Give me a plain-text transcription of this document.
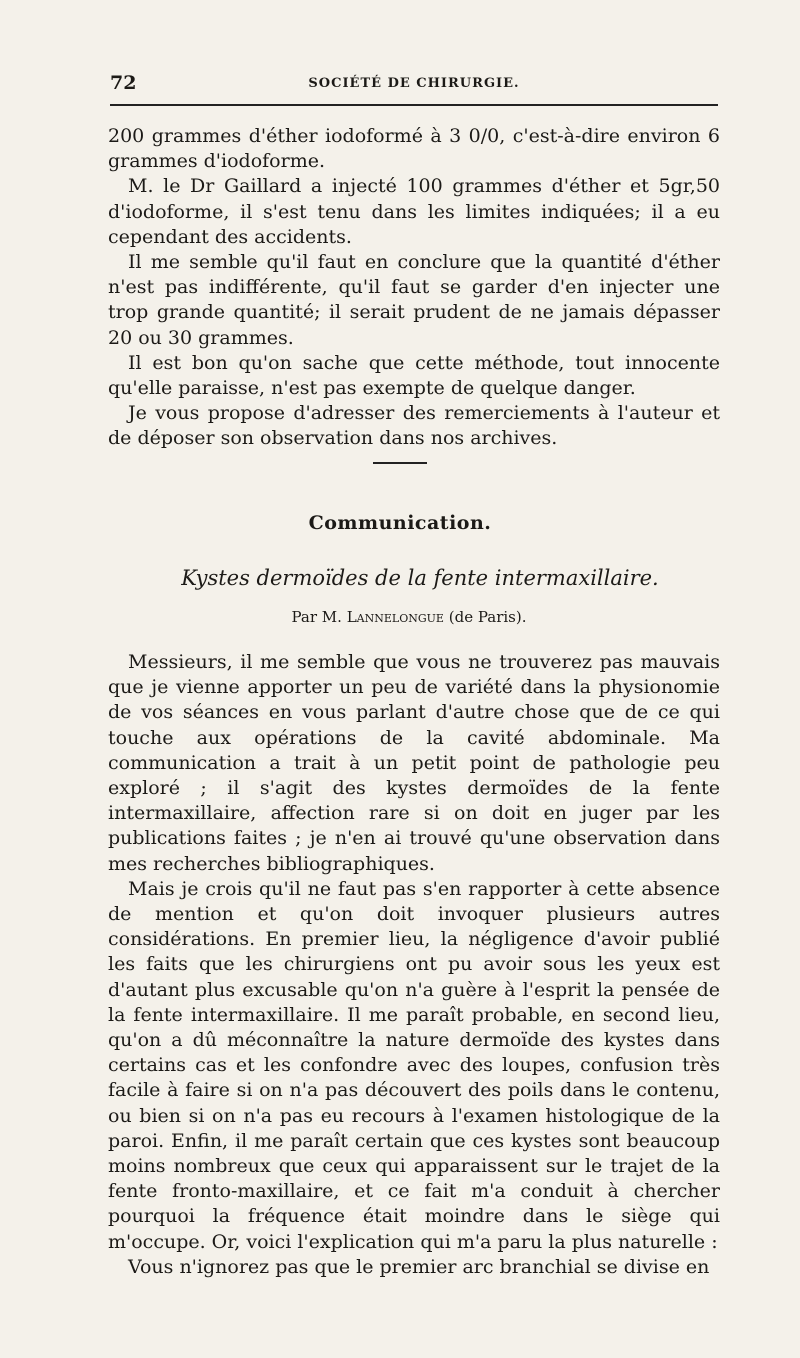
72	SOCIÉTÉ DE CHIRURGIE.

200 grammes d'éther iodoformé à 3 0/0, c'est-à-dire environ 6 grammes d'iodoforme.

M. le Dr Gaillard a injecté 100 grammes d'éther et 5gr,50 d'iodoforme, il s'est tenu dans les limites indiquées; il a eu cependant des accidents.

Il me semble qu'il faut en conclure que la quantité d'éther n'est pas indifférente, qu'il faut se garder d'en injecter une trop grande quantité; il serait prudent de ne jamais dépasser 20 ou 30 grammes.

Il est bon qu'on sache que cette méthode, tout innocente qu'elle paraisse, n'est pas exempte de quelque danger.

Je vous propose d'adresser des remerciements à l'auteur et de déposer son observation dans nos archives.

Communication.
Kystes dermoïdes de la fente intermaxillaire.
Par M. Lannelongue (de Paris).

Messieurs, il me semble que vous ne trouverez pas mauvais que je vienne apporter un peu de variété dans la physionomie de vos séances en vous parlant d'autre chose que de ce qui touche aux opérations de la cavité abdominale. Ma communication a trait à un petit point de pathologie peu exploré ; il s'agit des kystes dermoïdes de la fente intermaxillaire, affection rare si on doit en juger par les publications faites ; je n'en ai trouvé qu'une observation dans mes recherches bibliographiques.

Mais je crois qu'il ne faut pas s'en rapporter à cette absence de mention et qu'on doit invoquer plusieurs autres considérations. En premier lieu, la négligence d'avoir publié les faits que les chirurgiens ont pu avoir sous les yeux est d'autant plus excusable qu'on n'a guère à l'esprit la pensée de la fente intermaxillaire. Il me paraît probable, en second lieu, qu'on a dû méconnaître la nature dermoïde des kystes dans certains cas et les confondre avec des loupes, confusion très facile à faire si on n'a pas découvert des poils dans le contenu, ou bien si on n'a pas eu recours à l'examen histologique de la paroi. Enfin, il me paraît certain que ces kystes sont beaucoup moins nombreux que ceux qui apparaissent sur le trajet de la fente fronto-maxillaire, et ce fait m'a conduit à chercher pourquoi la fréquence était moindre dans le siège qui m'occupe. Or, voici l'explication qui m'a paru la plus naturelle :

Vous n'ignorez pas que le premier arc branchial se divise en
